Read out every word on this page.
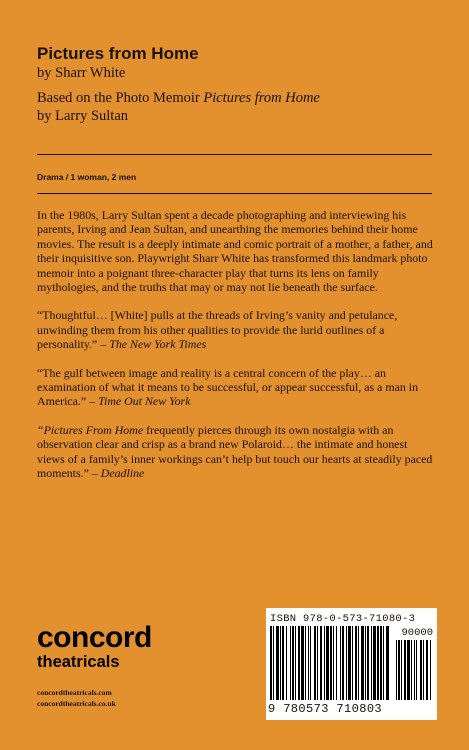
Pictures from Home

by Sharr White

Based on the Photo Memoir Pictures from Home
by Larry Sultan

Drama / 1 woman, 2 men

In the 1980s, Larry Sultan spent a decade photographing and interviewing his parents, Irving and Jean Sultan, and unearthing the memories behind their home movies. The result is a deeply intimate and comic portrait of a mother, a father, and their inquisitive son. Playwright Sharr White has transformed this landmark photo memoir into a poignant three-character play that turns its lens on family mythologies, and the truths that may or may not lie beneath the surface.

“Thoughtful… [White] pulls at the threads of Irving’s vanity and petulance, unwinding them from his other qualities to provide the lurid outlines of a personality.” – The New York Times

“The gulf between image and reality is a central concern of the play… an examination of what it means to be successful, or appear successful, as a man in America.” – Time Out New York

“Pictures From Home frequently pierces through its own nostalgia with an observation clear and crisp as a brand new Polaroid… the intimate and honest views of a family’s inner workings can’t help but touch our hearts at steadily paced moments.” – Deadline

concord
theatricals
concordtheatricals.com
concordtheatricals.co.uk
ISBN 978-0-573-71080-3
90000
9 780573 710803
